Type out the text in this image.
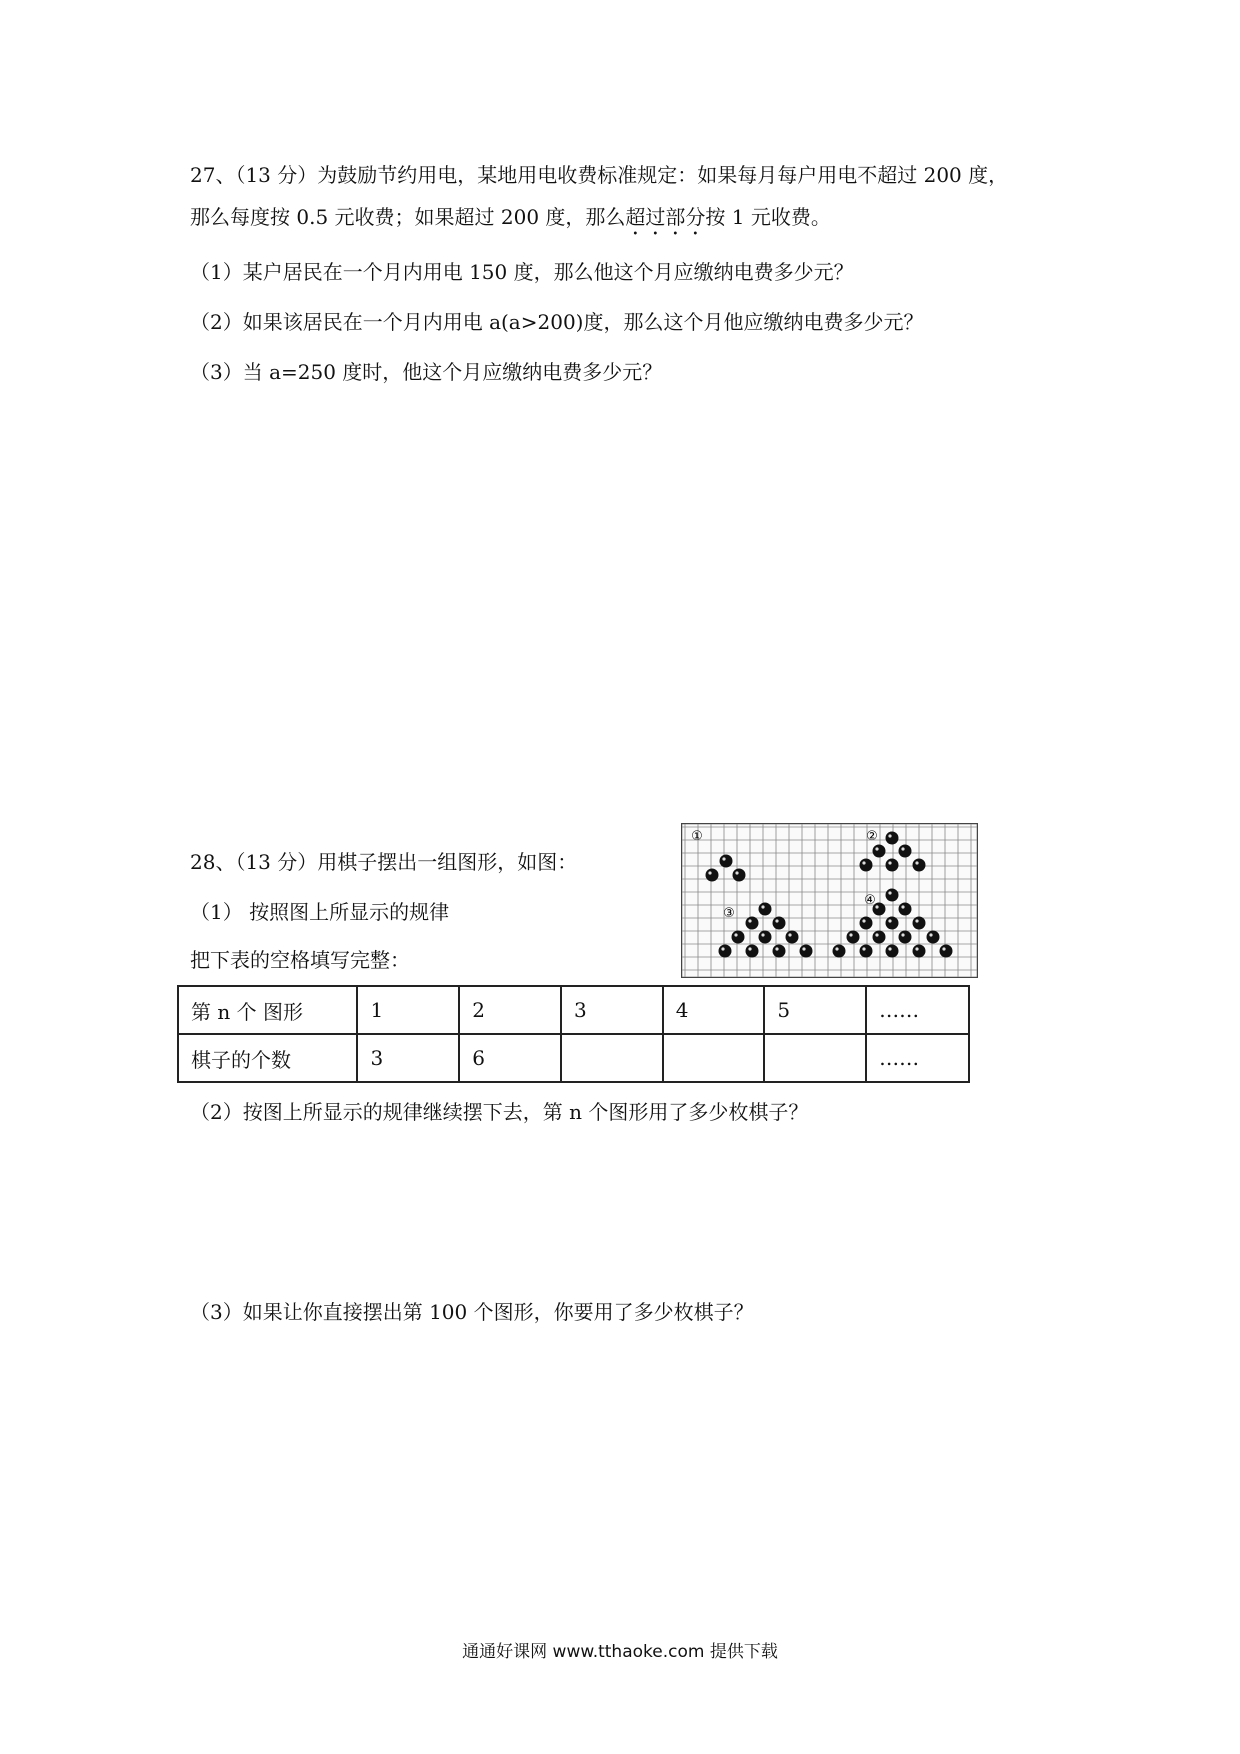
27、（13 分）为鼓励节约用电，某地用电收费标准规定：如果每月每户用电不超过 200 度，
那么每度按 0.5 元收费；如果超过 200 度，那么超过部分按 1 元收费。
（1）某户居民在一个月内用电 150 度，那么他这个月应缴纳电费多少元？
（2）如果该居民在一个月内用电 a(a>200)度，那么这个月他应缴纳电费多少元？
（3）当 a=250 度时，他这个月应缴纳电费多少元？
28、（13 分）用棋子摆出一组图形，如图：
（1） 按照图上所显示的规律
把下表的空格填写完整：
①	②
③
④
第 n 个 图形	1	2	3	4	5	……
棋子的个数	3	6				……
（2）按图上所显示的规律继续摆下去，第 n 个图形用了多少枚棋子？
（3）如果让你直接摆出第 100 个图形，你要用了多少枚棋子？
通通好课网 www.tthaoke.com 提供下载
